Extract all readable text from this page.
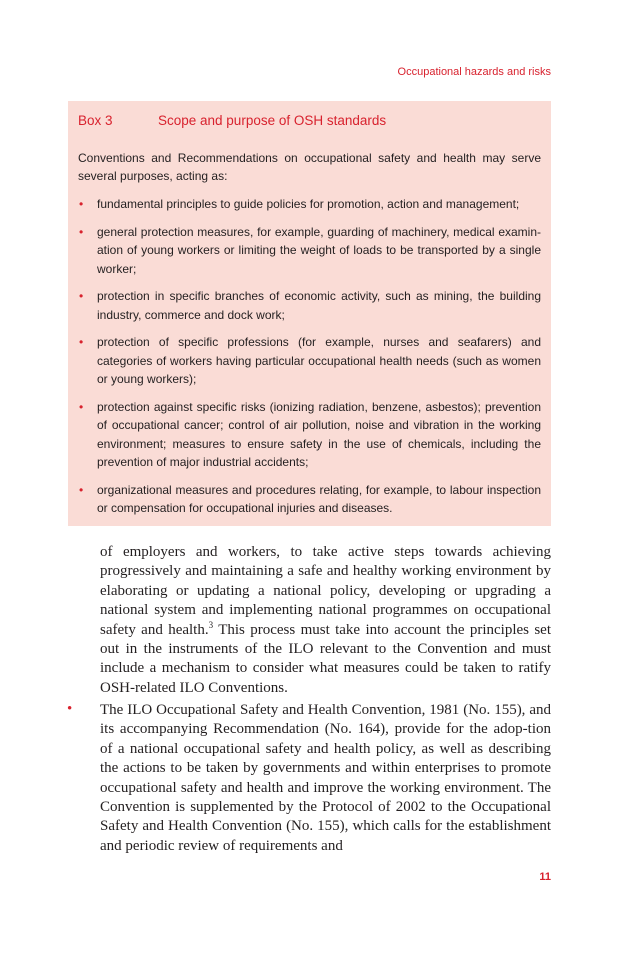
Occupational hazards and risks
Box 3	Scope and purpose of OSH standards
Conventions and Recommendations on occupational safety and health may serve several purposes, acting as:
• fundamental principles to guide policies for promotion, action and management;
• general protection measures, for example, guarding of machinery, medical examin-ation of young workers or limiting the weight of loads to be transported by a single worker;
• protection in specific branches of economic activity, such as mining, the building industry, commerce and dock work;
• protection of specific professions (for example, nurses and seafarers) and categories of workers having particular occupational health needs (such as women or young workers);
• protection against specific risks (ionizing radiation, benzene, asbestos); prevention of occupational cancer; control of air pollution, noise and vibration in the working environment; measures to ensure safety in the use of chemicals, including the prevention of major industrial accidents;
• organizational measures and procedures relating, for example, to labour inspection or compensation for occupational injuries and diseases.
of employers and workers, to take active steps towards achieving progressively and maintaining a safe and healthy working environment by elaborating or updating a national policy, developing or upgrading a national system and implementing national programmes on occupational safety and health.$^3$ This process must take into account the principles set out in the instruments of the ILO relevant to the Convention and must include a mechanism to consider what measures could be taken to ratify OSH-related ILO Conventions.
• The ILO Occupational Safety and Health Convention, 1981 (No. 155), and its accompanying Recommendation (No. 164), provide for the adop-tion of a national occupational safety and health policy, as well as describing the actions to be taken by governments and within enterprises to promote occupational safety and health and improve the working environment. The Convention is supplemented by the Protocol of 2002 to the Occupational Safety and Health Convention (No. 155), which calls for the establishment and periodic review of requirements and
11
